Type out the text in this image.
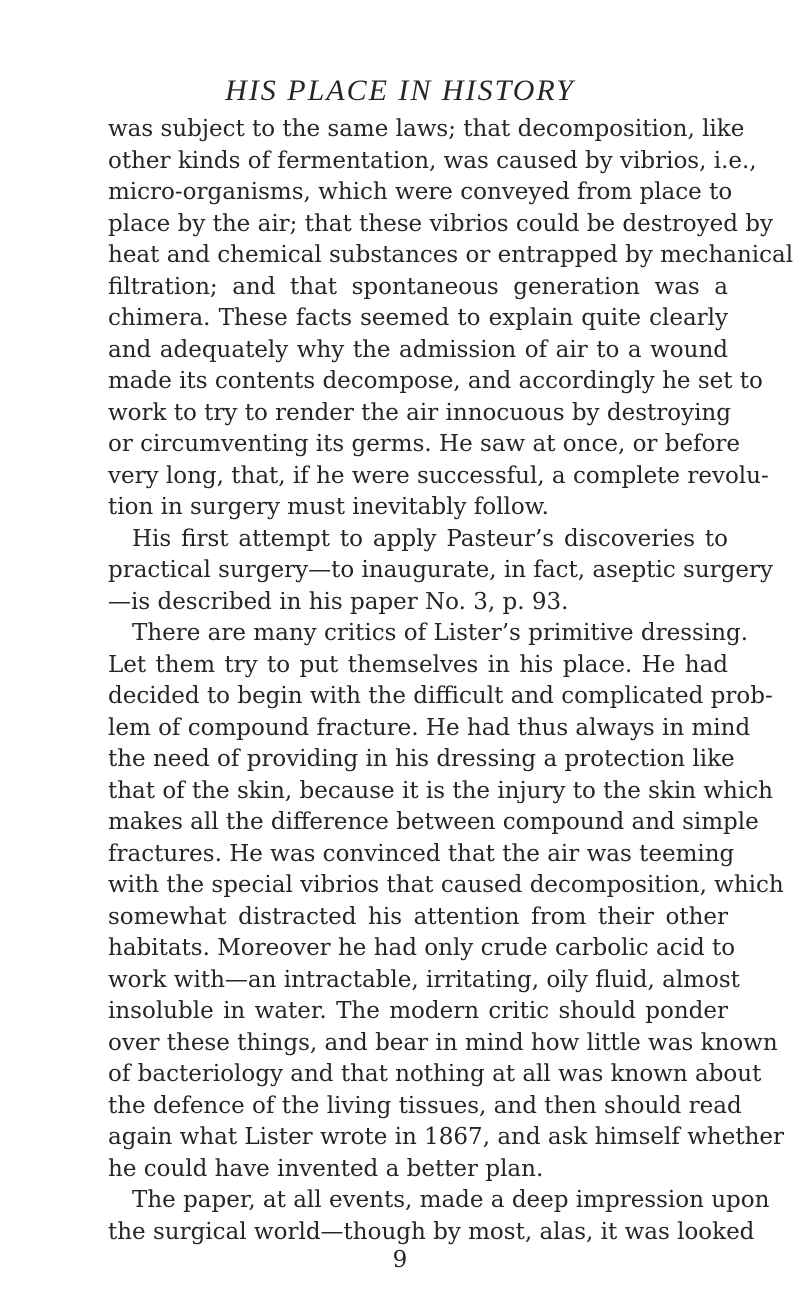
HIS PLACE IN HISTORY
was subject to the same laws; that decomposition, like
other kinds of fermentation, was caused by vibrios, i.e.,
micro-organisms, which were conveyed from place to
place by the air; that these vibrios could be destroyed by
heat and chemical substances or entrapped by mechanical
filtration; and that spontaneous generation was a
chimera. These facts seemed to explain quite clearly
and adequately why the admission of air to a wound
made its contents decompose, and accordingly he set to
work to try to render the air innocuous by destroying
or circumventing its germs. He saw at once, or before
very long, that, if he were successful, a complete revolu-
tion in surgery must inevitably follow.
His first attempt to apply Pasteur’s discoveries to
practical surgery—to inaugurate, in fact, aseptic surgery
—is described in his paper No. 3, p. 93.
There are many critics of Lister’s primitive dressing.
Let them try to put themselves in his place. He had
decided to begin with the difficult and complicated prob-
lem of compound fracture. He had thus always in mind
the need of providing in his dressing a protection like
that of the skin, because it is the injury to the skin which
makes all the difference between compound and simple
fractures. He was convinced that the air was teeming
with the special vibrios that caused decomposition, which
somewhat distracted his attention from their other
habitats. Moreover he had only crude carbolic acid to
work with—an intractable, irritating, oily fluid, almost
insoluble in water. The modern critic should ponder
over these things, and bear in mind how little was known
of bacteriology and that nothing at all was known about
the defence of the living tissues, and then should read
again what Lister wrote in 1867, and ask himself whether
he could have invented a better plan.
The paper, at all events, made a deep impression upon
the surgical world—though by most, alas, it was looked
9
